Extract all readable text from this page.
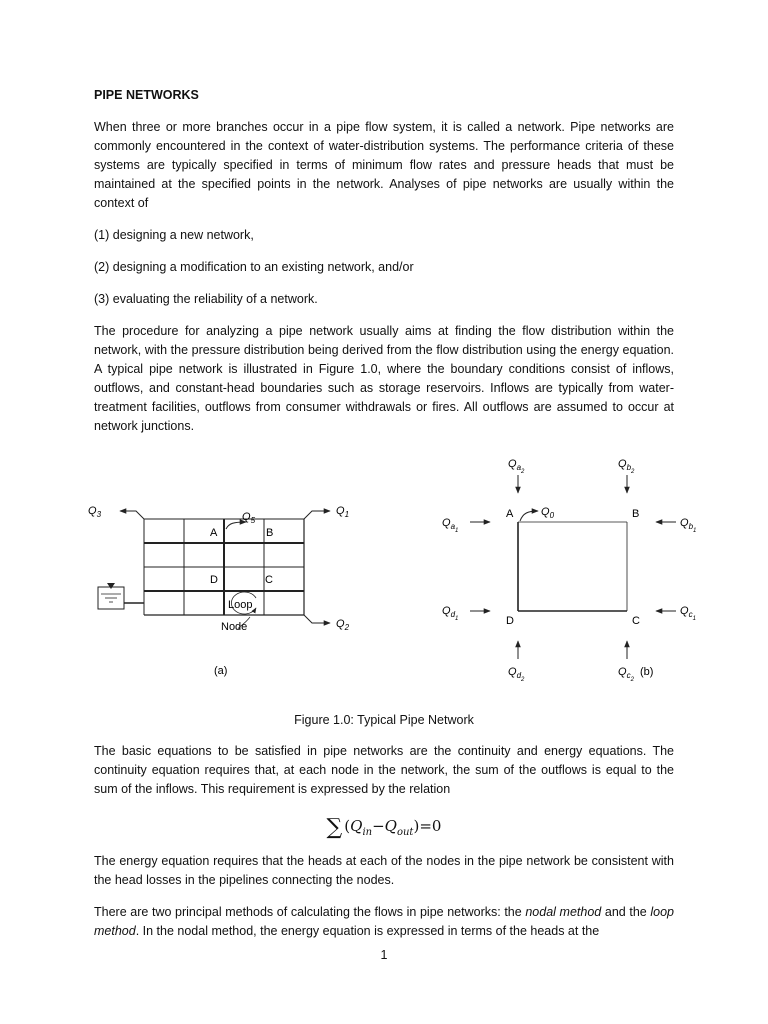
PIPE NETWORKS

When three or more branches occur in a pipe flow system, it is called a network. Pipe networks are commonly encountered in the context of water-distribution systems. The performance criteria of these systems are typically specified in terms of minimum flow rates and pressure heads that must be maintained at the specified points in the network. Analyses of pipe networks are usually within the context of

(1) designing a new network,

(2) designing a modification to an existing network, and/or

(3) evaluating the reliability of a network.

The procedure for analyzing a pipe network usually aims at finding the flow distribution within the network, with the pressure distribution being derived from the flow distribution using the energy equation. A typical pipe network is illustrated in Figure 1.0, where the boundary conditions consist of inflows, outflows, and constant-head boundaries such as storage reservoirs. Inflows are typically from water-treatment facilities, outflows from consumer withdrawals or fires. All outflows are assumed to occur at network junctions.

$Q_3$	$Q_1$
$Q_2$
$Q_5$
A	B
C
D
Loop
Node
(a)
$Q_{a2}$
$Q_{b2}$
$Q_{a1}$
$Q_{b1}$
$Q_{d1}$
$Q_{c1}$
$Q_{d2}$
$Q_{c2}$
$Q_0$
A	B
C
D
(b)
Figure 1.0: Typical Pipe Network

The basic equations to be satisfied in pipe networks are the continuity and energy equations. The continuity equation requires that, at each node in the network, the sum of the outflows is equal to the sum of the inflows. This requirement is expressed by the relation

∑ $(Q_{in}-Q_{out})=0$

The energy equation requires that the heads at each of the nodes in the pipe network be consistent with the head losses in the pipelines connecting the nodes.

There are two principal methods of calculating the flows in pipe networks: the nodal method and the loop method. In the nodal method, the energy equation is expressed in terms of the heads at the

1
